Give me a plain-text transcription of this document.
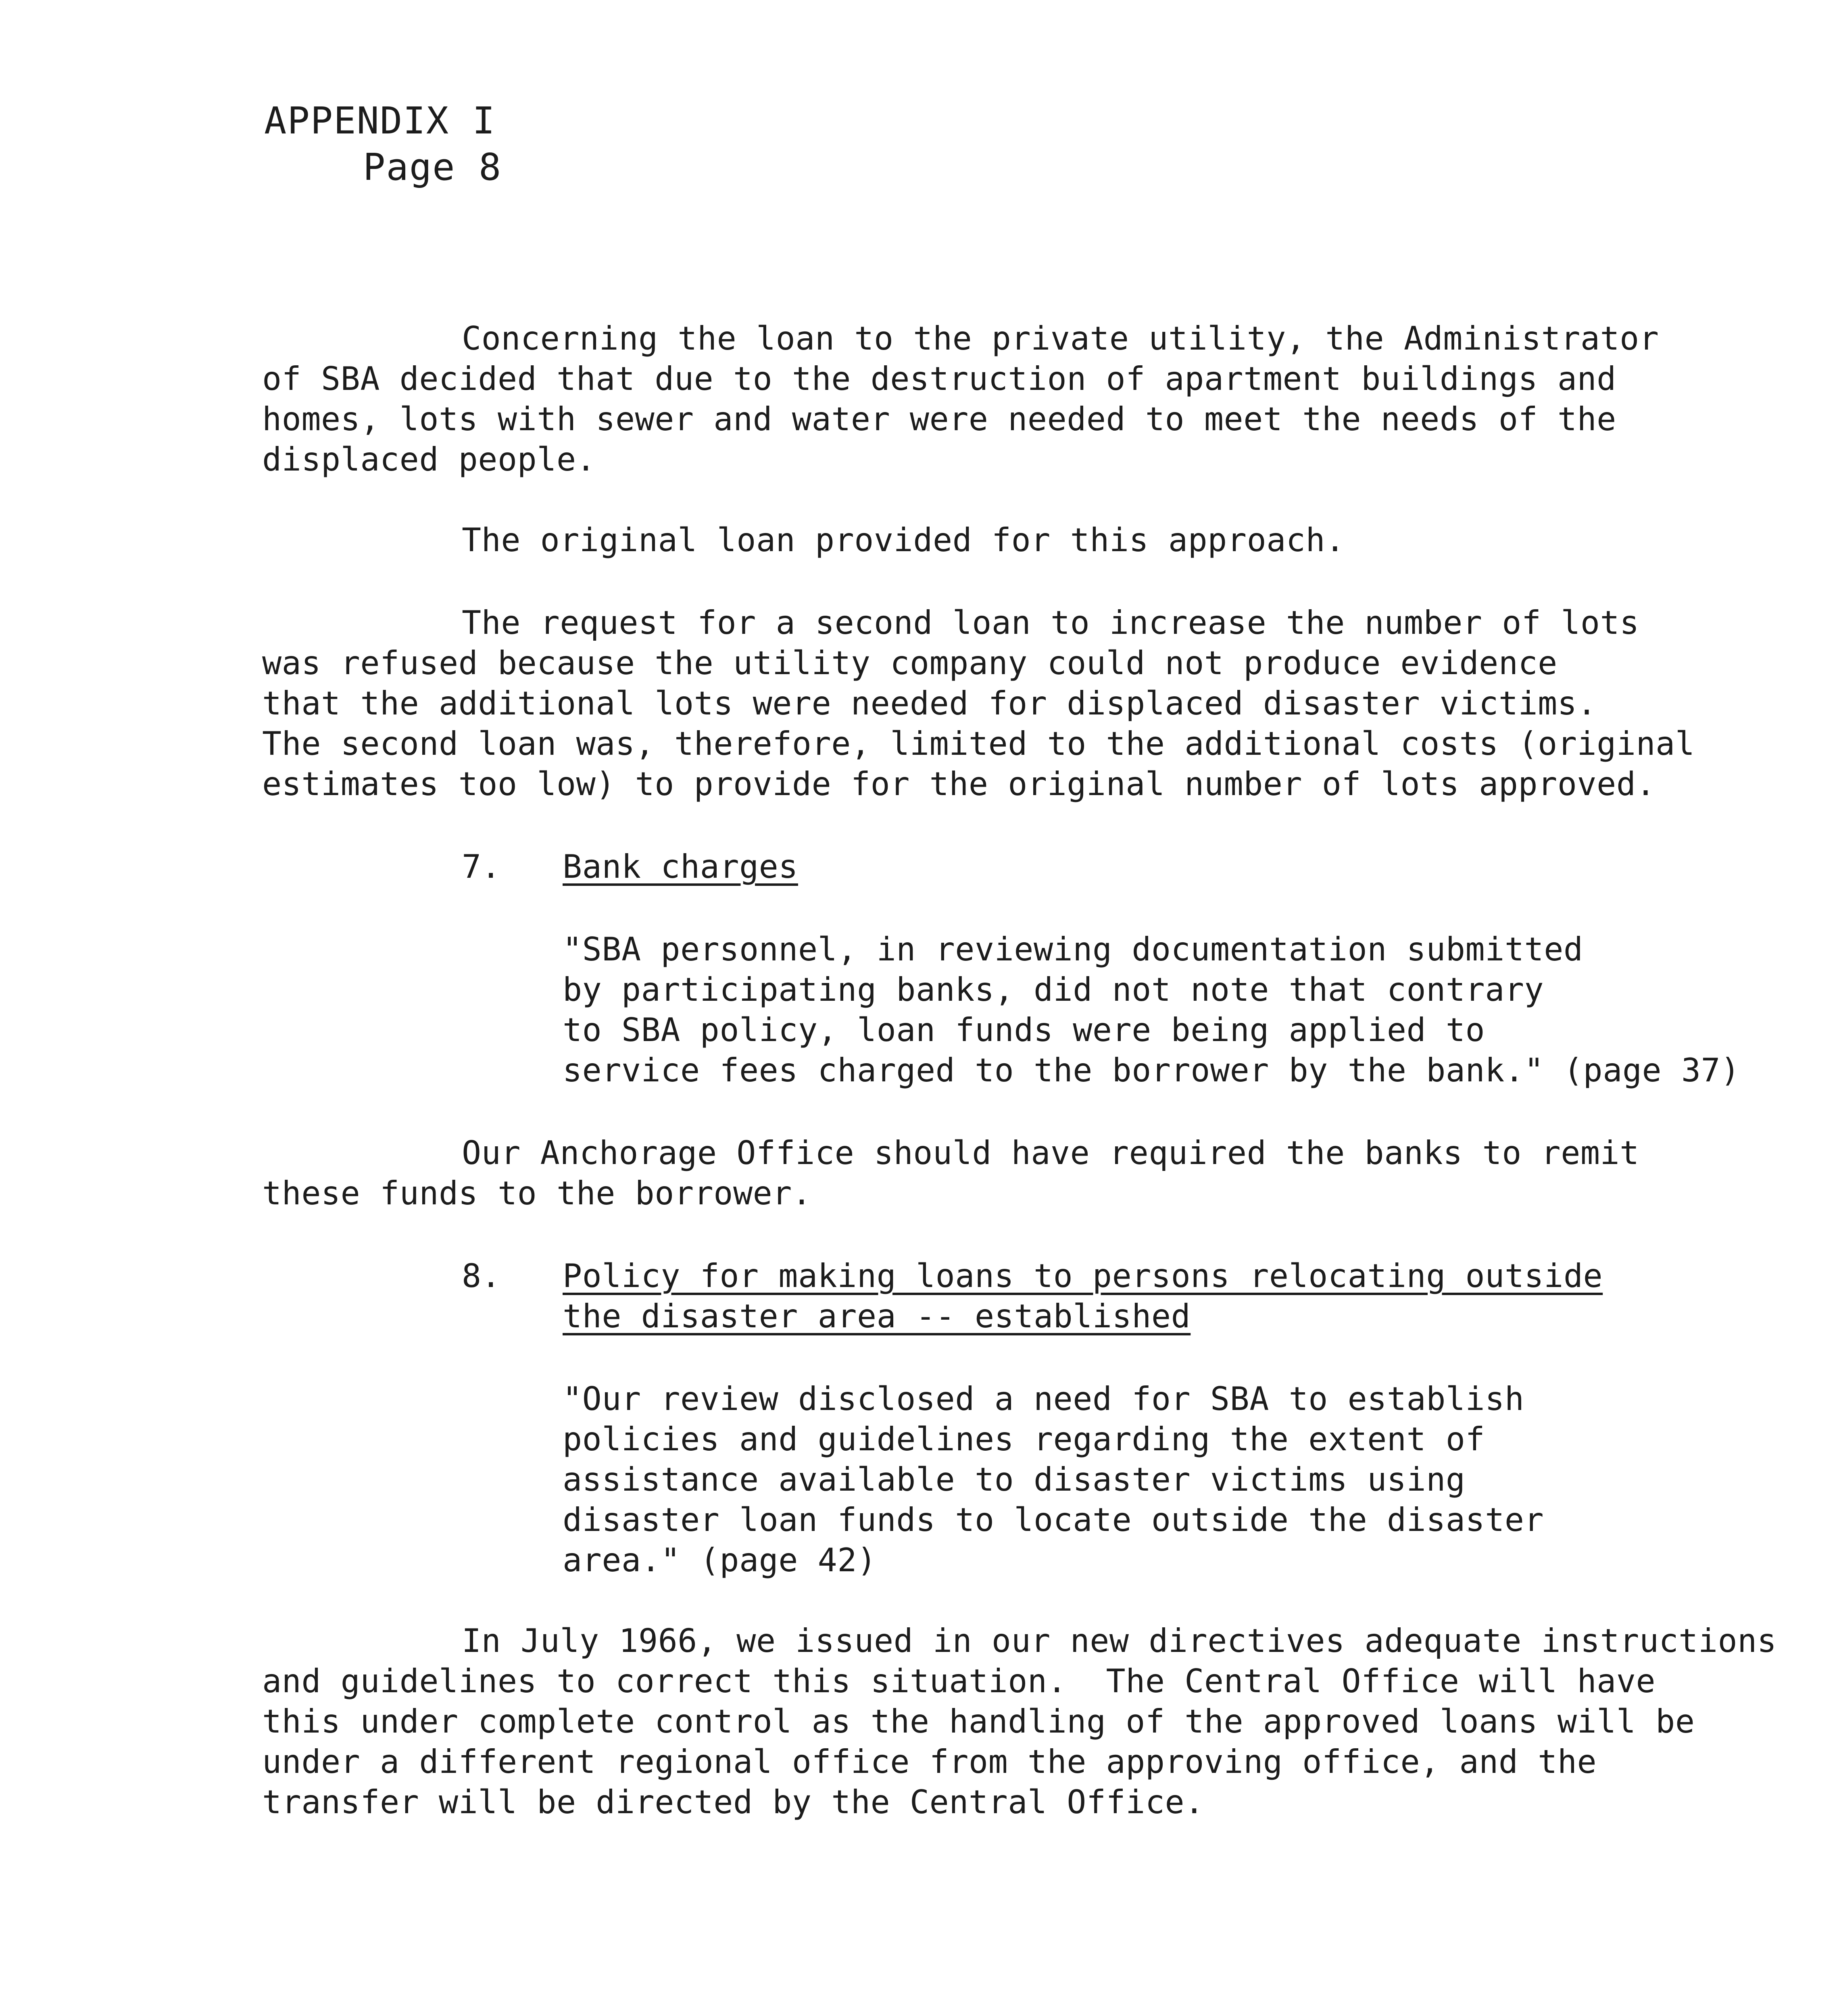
APPENDIX I
Page 8
Concerning the loan to the private utility, the Administrator
of SBA decided that due to the destruction of apartment buildings and
homes, lots with sewer and water were needed to meet the needs of the
displaced people.
The original loan provided for this approach.
The request for a second loan to increase the number of lots
was refused because the utility company could not produce evidence
that the additional lots were needed for displaced disaster victims.
The second loan was, therefore, limited to the additional costs (original
estimates too low) to provide for the original number of lots approved.
7. Bank charges
"SBA personnel, in reviewing documentation submitted
by participating banks, did not note that contrary
to SBA policy, loan funds were being applied to
service fees charged to the borrower by the bank." (page 37)
Our Anchorage Office should have required the banks to remit
these funds to the borrower.
8. Policy for making loans to persons relocating outside
the disaster area -- established
"Our review disclosed a need for SBA to establish
policies and guidelines regarding the extent of
assistance available to disaster victims using
disaster loan funds to locate outside the disaster
area." (page 42)
In July 1966, we issued in our new directives adequate instructions
and guidelines to correct this situation.  The Central Office will have
this under complete control as the handling of the approved loans will be
under a different regional office from the approving office, and the
transfer will be directed by the Central Office.
